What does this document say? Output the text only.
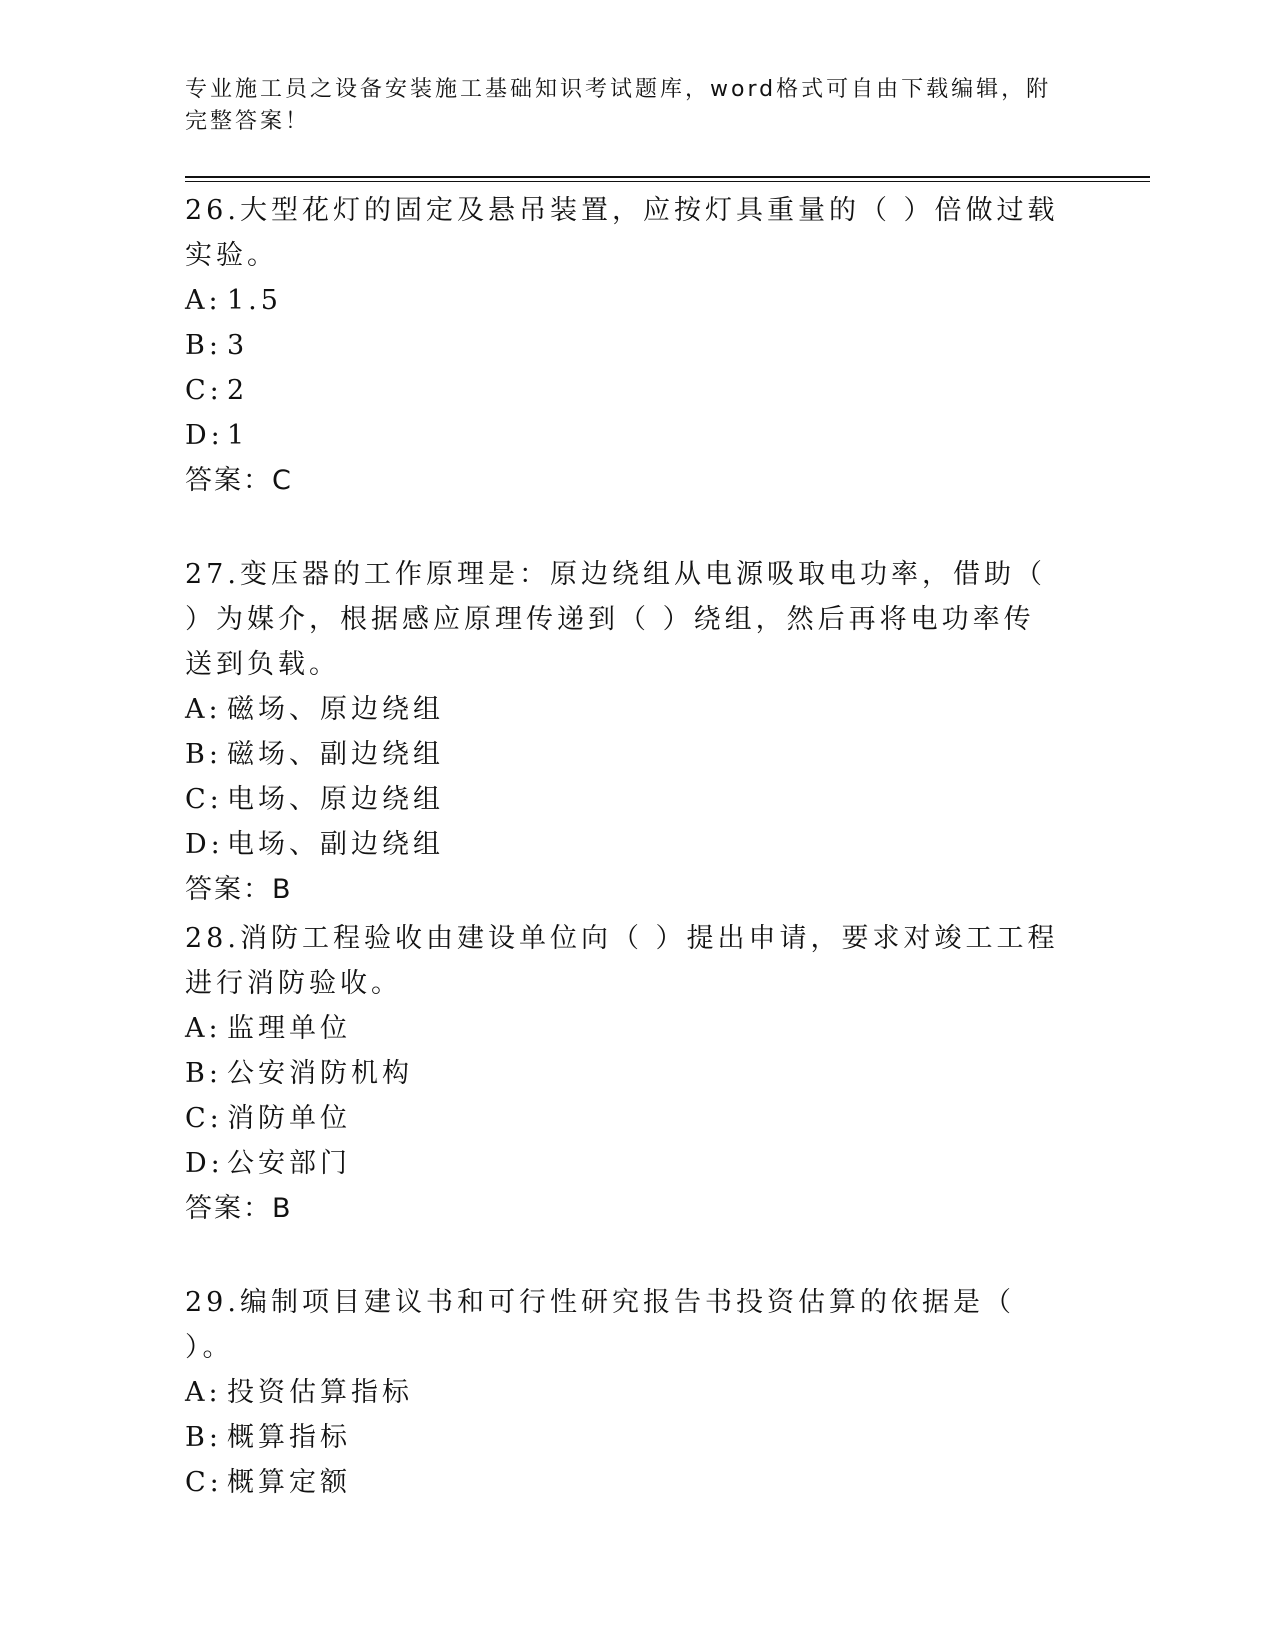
专业施工员之设备安装施工基础知识考试题库，word格式可自由下载编辑，附完整答案！

26.大型花灯的固定及悬吊装置，应按灯具重量的（ ）倍做过载实验。

A: 1.5

B: 3

C: 2

D: 1

答案：C

27.变压器的工作原理是：原边绕组从电源吸取电功率，借助（ ）为媒介，根据感应原理传递到（ ）绕组，然后再将电功率传送到负载。

A: 磁场、原边绕组

B: 磁场、副边绕组

C: 电场、原边绕组

D: 电场、副边绕组

答案：B

28.消防工程验收由建设单位向（ ）提出申请，要求对竣工工程进行消防验收。

A: 监理单位

B: 公安消防机构

C: 消防单位

D: 公安部门

答案：B

29.编制项目建议书和可行性研究报告书投资估算的依据是（ ）。

A: 投资估算指标

B: 概算指标

C: 概算定额
